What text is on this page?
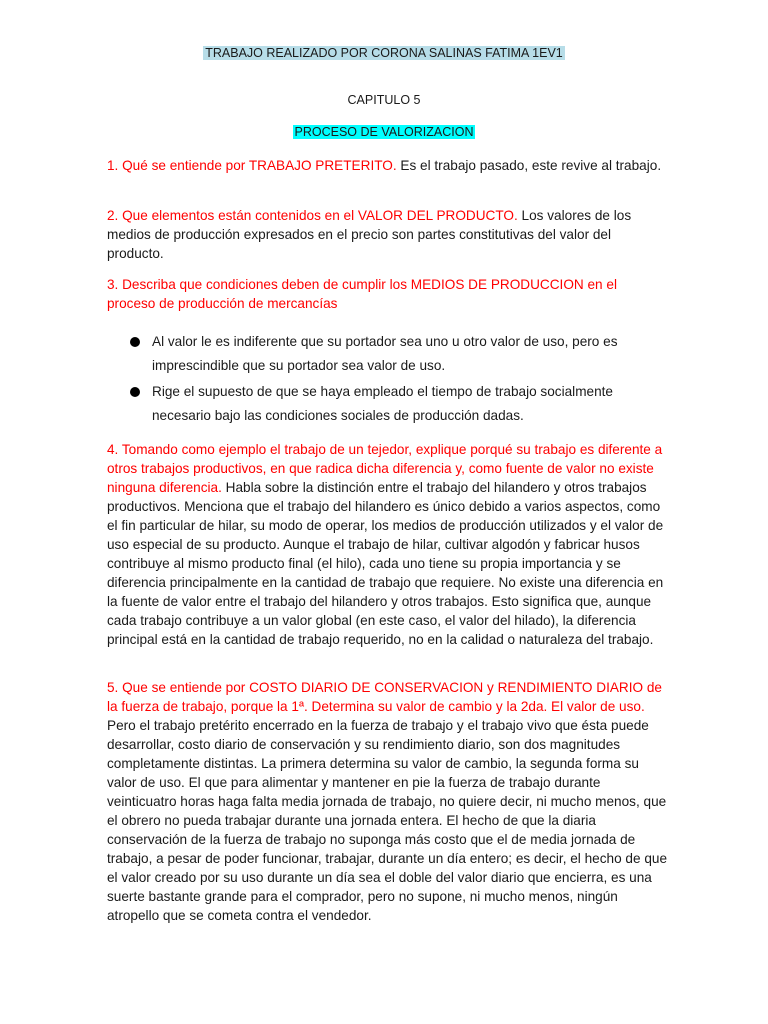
TRABAJO REALIZADO POR CORONA SALINAS FATIMA 1EV1
CAPITULO 5
PROCESO DE VALORIZACION
1. Qué se entiende por TRABAJO PRETERITO. Es el trabajo pasado, este revive al trabajo.
2. Que elementos están contenidos en el VALOR DEL PRODUCTO. Los valores de los medios de producción expresados en el precio son partes constitutivas del valor del producto.
3. Describa que condiciones deben de cumplir los MEDIOS DE PRODUCCION en el proceso de producción de mercancías
Al valor le es indiferente que su portador sea uno u otro valor de uso, pero es imprescindible que su portador sea valor de uso.
Rige el supuesto de que se haya empleado el tiempo de trabajo socialmente necesario bajo las condiciones sociales de producción dadas.
4. Tomando como ejemplo el trabajo de un tejedor, explique porqué su trabajo es diferente a otros trabajos productivos, en que radica dicha diferencia y, como fuente de valor no existe ninguna diferencia. Habla sobre la distinción entre el trabajo del hilandero y otros trabajos productivos. Menciona que el trabajo del hilandero es único debido a varios aspectos, como el fin particular de hilar, su modo de operar, los medios de producción utilizados y el valor de uso especial de su producto. Aunque el trabajo de hilar, cultivar algodón y fabricar husos contribuye al mismo producto final (el hilo), cada uno tiene su propia importancia y se diferencia principalmente en la cantidad de trabajo que requiere. No existe una diferencia en la fuente de valor entre el trabajo del hilandero y otros trabajos. Esto significa que, aunque cada trabajo contribuye a un valor global (en este caso, el valor del hilado), la diferencia principal está en la cantidad de trabajo requerido, no en la calidad o naturaleza del trabajo.
5. Que se entiende por COSTO DIARIO DE CONSERVACION y RENDIMIENTO DIARIO de la fuerza de trabajo, porque la 1ª. Determina su valor de cambio y la 2da. El valor de uso. Pero el trabajo pretérito encerrado en la fuerza de trabajo y el trabajo vivo que ésta puede desarrollar, costo diario de conservación y su rendimiento diario, son dos magnitudes completamente distintas. La primera determina su valor de cambio, la segunda forma su valor de uso. El que para alimentar y mantener en pie la fuerza de trabajo durante veinticuatro horas haga falta media jornada de trabajo, no quiere decir, ni mucho menos, que el obrero no pueda trabajar durante una jornada entera. El hecho de que la diaria conservación de la fuerza de trabajo no suponga más costo que el de media jornada de trabajo, a pesar de poder funcionar, trabajar, durante un día entero; es decir, el hecho de que el valor creado por su uso durante un día sea el doble del valor diario que encierra, es una suerte bastante grande para el comprador, pero no supone, ni mucho menos, ningún atropello que se cometa contra el vendedor.
